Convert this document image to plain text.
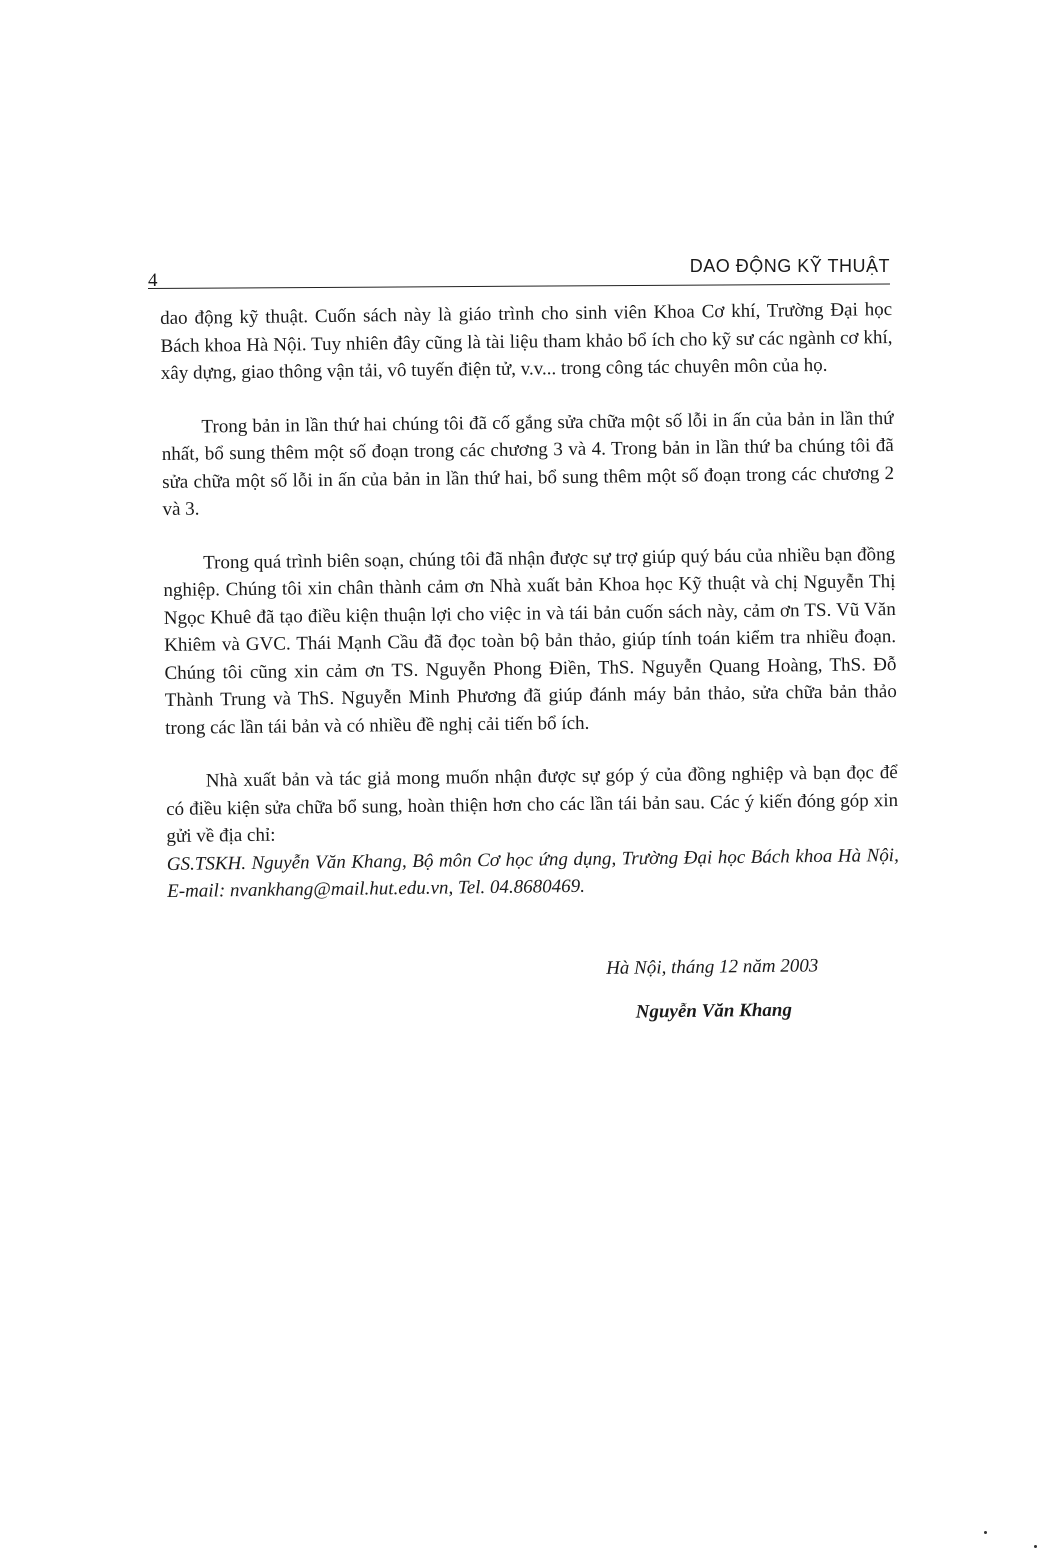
4
DAO ĐỘNG KỸ THUẬT

dao động kỹ thuật. Cuốn sách này là giáo trình cho sinh viên Khoa Cơ khí, Trường Đại học Bách khoa Hà Nội. Tuy nhiên đây cũng là tài liệu tham khảo bổ ích cho kỹ sư các ngành cơ khí, xây dựng, giao thông vận tải, vô tuyến điện tử, v.v... trong công tác chuyên môn của họ.

Trong bản in lần thứ hai chúng tôi đã cố gắng sửa chữa một số lỗi in ấn của bản in lần thứ nhất, bổ sung thêm một số đoạn trong các chương 3 và 4. Trong bản in lần thứ ba chúng tôi đã sửa chữa một số lỗi in ấn của bản in lần thứ hai, bổ sung thêm một số đoạn trong các chương 2 và 3.

Trong quá trình biên soạn, chúng tôi đã nhận được sự trợ giúp quý báu của nhiều bạn đồng nghiệp. Chúng tôi xin chân thành cảm ơn Nhà xuất bản Khoa học Kỹ thuật và chị Nguyễn Thị Ngọc Khuê đã tạo điều kiện thuận lợi cho việc in và tái bản cuốn sách này, cảm ơn TS. Vũ Văn Khiêm và GVC. Thái Mạnh Cầu đã đọc toàn bộ bản thảo, giúp tính toán kiểm tra nhiều đoạn. Chúng tôi cũng xin cảm ơn TS. Nguyễn Phong Điền, ThS. Nguyễn Quang Hoàng, ThS. Đỗ Thành Trung và ThS. Nguyễn Minh Phương đã giúp đánh máy bản thảo, sửa chữa bản thảo trong các lần tái bản và có nhiều đề nghị cải tiến bổ ích.

Nhà xuất bản và tác giả mong muốn nhận được sự góp ý của đồng nghiệp và bạn đọc để có điều kiện sửa chữa bổ sung, hoàn thiện hơn cho các lần tái bản sau. Các ý kiến đóng góp xin gửi về địa chỉ:

GS.TSKH. Nguyễn Văn Khang, Bộ môn Cơ học ứng dụng, Trường Đại học Bách khoa Hà Nội, E-mail: nvankhang@mail.hut.edu.vn, Tel. 04.8680469.

Hà Nội, tháng 12 năm 2003
Nguyễn Văn Khang
